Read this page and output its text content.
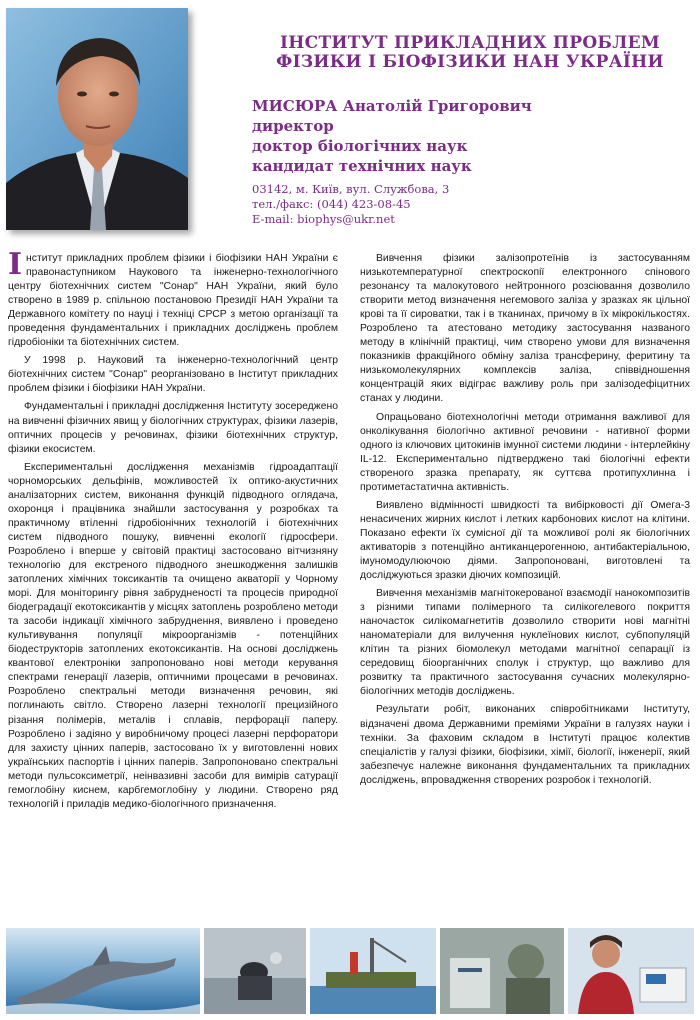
ІНСТИТУТ ПРИКЛАДНИХ ПРОБЛЕМ
ФІЗИКИ І БІОФІЗИКИ НАН УКРАЇНИ
МИСЮРА Анатолій Григорович
директор
доктор біологічних наук
кандидат технічних наук
03142, м. Київ, вул. Службова, 3
тел./факс: (044) 423-08-45
E-mail: biophys@ukr.net

Інститут прикладних проблем фізики і біофізики НАН України є правонаступником Наукового та інженерно-технологічного центру біотехнічних систем "Сонар" НАН України, який було створено в 1989 р. спільною постановою Президії НАН України та Державного комітету по науці і техніці СРСР з метою організації та проведення фундаментальних і прикладних досліджень проблем гідробіоніки та біотехнічних систем.

У 1998 р. Науковий та інженерно-технологічний центр біотехнічних систем "Сонар" реорганізовано в Інститут прикладних проблем фізики і біофізики НАН України.

Фундаментальні і прикладні дослідження Інституту зосереджено на вивченні фізичних явищ у біологічних структурах, фізики лазерів, оптичних процесів у речовинах, фізики біотехнічних структур, фізики екосистем.

Експериментальні дослідження механізмів гідроадаптації чорноморських дельфінів, можливостей їх оптико-акустичних аналізаторних систем, виконання функцій підводного оглядача, охоронця і працівника знайшли застосування у розробках та практичному втіленні гідробіонічних технологій і біотехнічних систем підводного пошуку, вивченні екології гідросфери. Розроблено і вперше у світовій практиці застосовано вітчизняну технологію для екстреного підводного знешкодження залишків затоплених хімічних токсикантів та очищено акваторії у Чорному морі. Для моніторингу рівня забрудненості та процесів природної біодеградації екотоксикантів у місцях затоплень розроблено методи та засоби індикації хімічного забруднення, виявлено і проведено культивування популяції мікроорганізмів - потенційних біодеструкторів затоплених екотоксикантів. На основі досліджень квантової електроніки запропоновано нові методи керування спектрами генерації лазерів, оптичними процесами в речовинах. Розроблено спектральні методи визначення речовин, які поглинають світло. Створено лазерні технології прецизійного різання полімерів, металів і сплавів, перфорації паперу. Розроблено і задіяно у виробничому процесі лазерні перфоратори для захисту цінних паперів, застосовано їх у виготовленні нових українських паспортів і цінних паперів. Запропоновано спектральні методи пульсоксиметрії, неінвазивні засоби для вимірів сатурації гемоглобіну киснем, карбгемоглобіну у людини. Створено ряд технологій і приладів медико-біологічного призначення.

Вивчення фізики залізопротеїнів із застосуванням низькотемпературної спектроскопії електронного спінового резонансу та малокутового нейтронного розсіювання дозволило створити метод визначення негемового заліза у зразках як цільної крові та її сироватки, так і в тканинах, причому в їх мікрокількостях. Розроблено та атестовано методику застосування названого методу в клінічній практиці, чим створено умови для визначення показників фракційного обміну заліза трансферину, феритину та низькомолекулярних комплексів заліза, співвідношення концентрацій яких відіграє важливу роль при залізодефіцитних станах у людини.

Опрацьовано біотехнологічні методи отримання важливої для онколікування біологічно активної речовини - нативної форми одного із ключових цитокинів імунної системи людини - інтерлейкіну IL-12. Експериментально підтверджено такі біологічні ефекти створеного зразка препарату, як суттєва протипухлинна і протиметастатична активність.

Виявлено відмінності швидкості та вибірковості дії Омега-3 ненасичених жирних кислот і летких карбонових кислот на клітини. Показано ефекти їх сумісної дії та можливої ролі як біологічних активаторів з потенційно антиканцерогенною, антибактеріальною, імуномодулюючою діями. Запропоновані, виготовлені та досліджуються зразки діючих композицій.

Вивчення механізмів магнітокерованої взаємодії нанокомпозитів з різними типами полімерного та силікогелевого покриття наночасток силікомагнетитів дозволило створити нові магнітні наноматеріали для вилучення нуклеїнових кислот, субпопуляцій клітин та різних біомолекул методами магнітної сепарації із середовищ біоорганічних сполук і структур, що важливо для розвитку та практичного застосування сучасних молекулярно-біологічних методів досліджень.

Результати робіт, виконаних співробітниками Інституту, відзначені двома Державними преміями України в галузях науки і техніки. За фаховим складом в Інституті працює колектив спеціалістів у галузі фізики, біофізики, хімії, біології, інженерії, який забезпечує належне виконання фундаментальних та прикладних досліджень, впровадження створених розробок і технологій.
